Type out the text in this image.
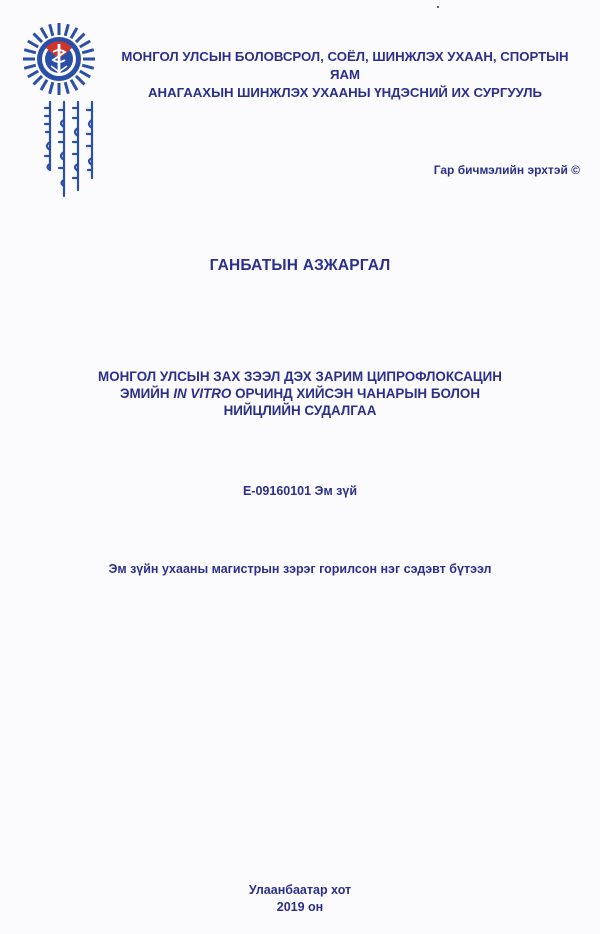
МОНГОЛ УЛСЫН БОЛОВСРОЛ, СОЁЛ, ШИНЖЛЭХ УХААН, СПОРТЫН ЯАМ
АНАГААХЫН ШИНЖЛЭХ УХААНЫ ҮНДЭСНИЙ ИХ СУРГУУЛЬ
Гар бичмэлийн эрхтэй ©
ГАНБАТЫН АЗЖАРГАЛ
МОНГОЛ УЛСЫН ЗАХ ЗЭЭЛ ДЭХ ЗАРИМ ЦИПРОФЛОКСАЦИН
ЭМИЙН IN VITRO ОРЧИНД ХИЙСЭН ЧАНАРЫН БОЛОН
НИЙЦЛИЙН СУДАЛГАА
E-09160101 Эм зүй
Эм зүйн ухааны магистрын зэрэг горилсон нэг сэдэвт бүтээл
Улаанбаатар хот
2019 он
